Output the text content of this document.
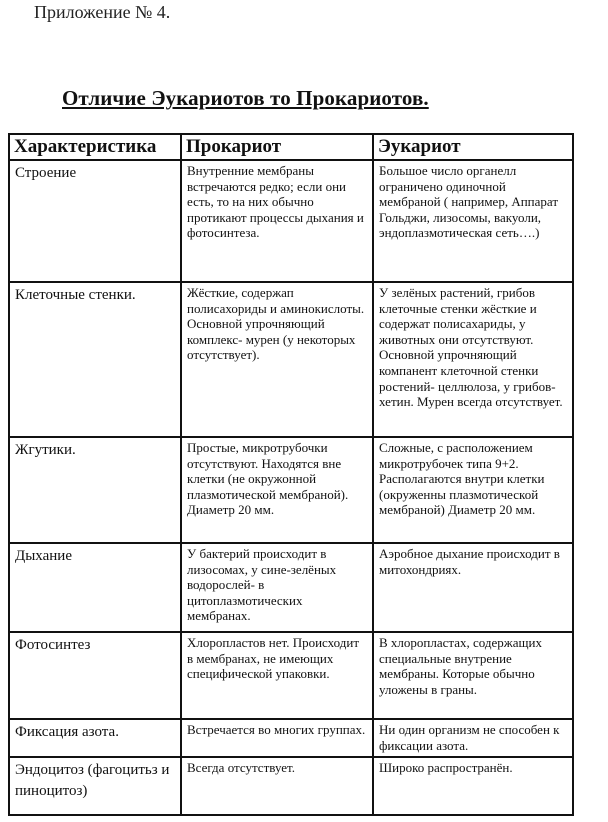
Приложение № 4.
Отличие Эукариотов то Прокариотов.
Характеристика	Прокариот	Эукариот
Строение	Внутренние мембраны встречаются редко; если они есть, то на них обычно протикают процессы дыхания и фотосинтеза.	Большое число органелл ограничено одиночной мембраной ( например, Аппарат Гольджи, лизосомы, вакуоли, эндоплазмотическая сеть….)
Клеточные стенки.	Жёсткие, содержап полисахориды и аминокислоты. Основной упрочняющий комплекс- мурен (у некоторых отсутствует).	У зелёных растений, грибов клеточные стенки жёсткие и содержат полисахариды, у животных они отсутствуют. Основной упрочняющий компанент клеточной стенки ростений- целлюлоза, у грибов-хетин. Мурен всегда отсутствует.
Жгутики.	Простые, микротрубочки отсутствуют. Находятся вне клетки (не окружонной плазмотической мембраной). Диаметр 20 мм.	Сложные, с расположением микротрубочек типа 9+2. Располагаются внутри клетки (окруженны плазмотической мембраной) Диаметр 20 мм.
Дыхание	У бактерий происходит в лизосомах, у сине-зелёных водорослей- в цитоплазмотических мембранах.	Аэробное дыхание происходит в митохондриях.
Фотосинтез	Хлоропластов нет. Происходит в мембранах, не имеющих специфической упаковки.	В хлоропластах, содержащих специальные внутрение мембраны. Которые обычно уложены в граны.
Фиксация азота.	Встречается во многих группах.	Ни один организм не способен к фиксации азота.
Эндоцитоз (фагоцитьз и пиноцитоз)	Всегда отсутствует.	Широко распространён.
